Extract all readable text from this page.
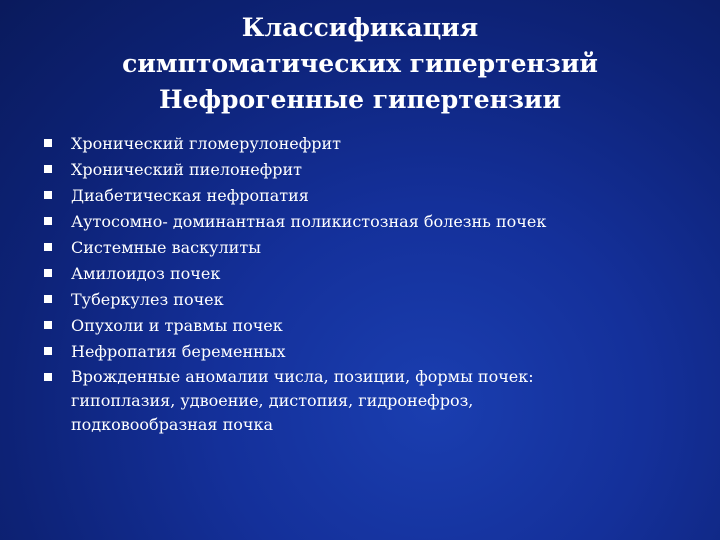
Классификация
симптоматических гипертензий
Нефрогенные гипертензии
Хронический гломерулонефрит
Хронический пиелонефрит
Диабетическая нефропатия
Аутосомно- доминантная поликистозная болезнь почек
Системные васкулиты
Амилоидоз почек
Туберкулез почек
Опухоли и травмы почек
Нефропатия беременных
Врожденные аномалии числа, позиции, формы почек:
гипоплазия, удвоение, дистопия, гидронефроз,
подковообразная почка
